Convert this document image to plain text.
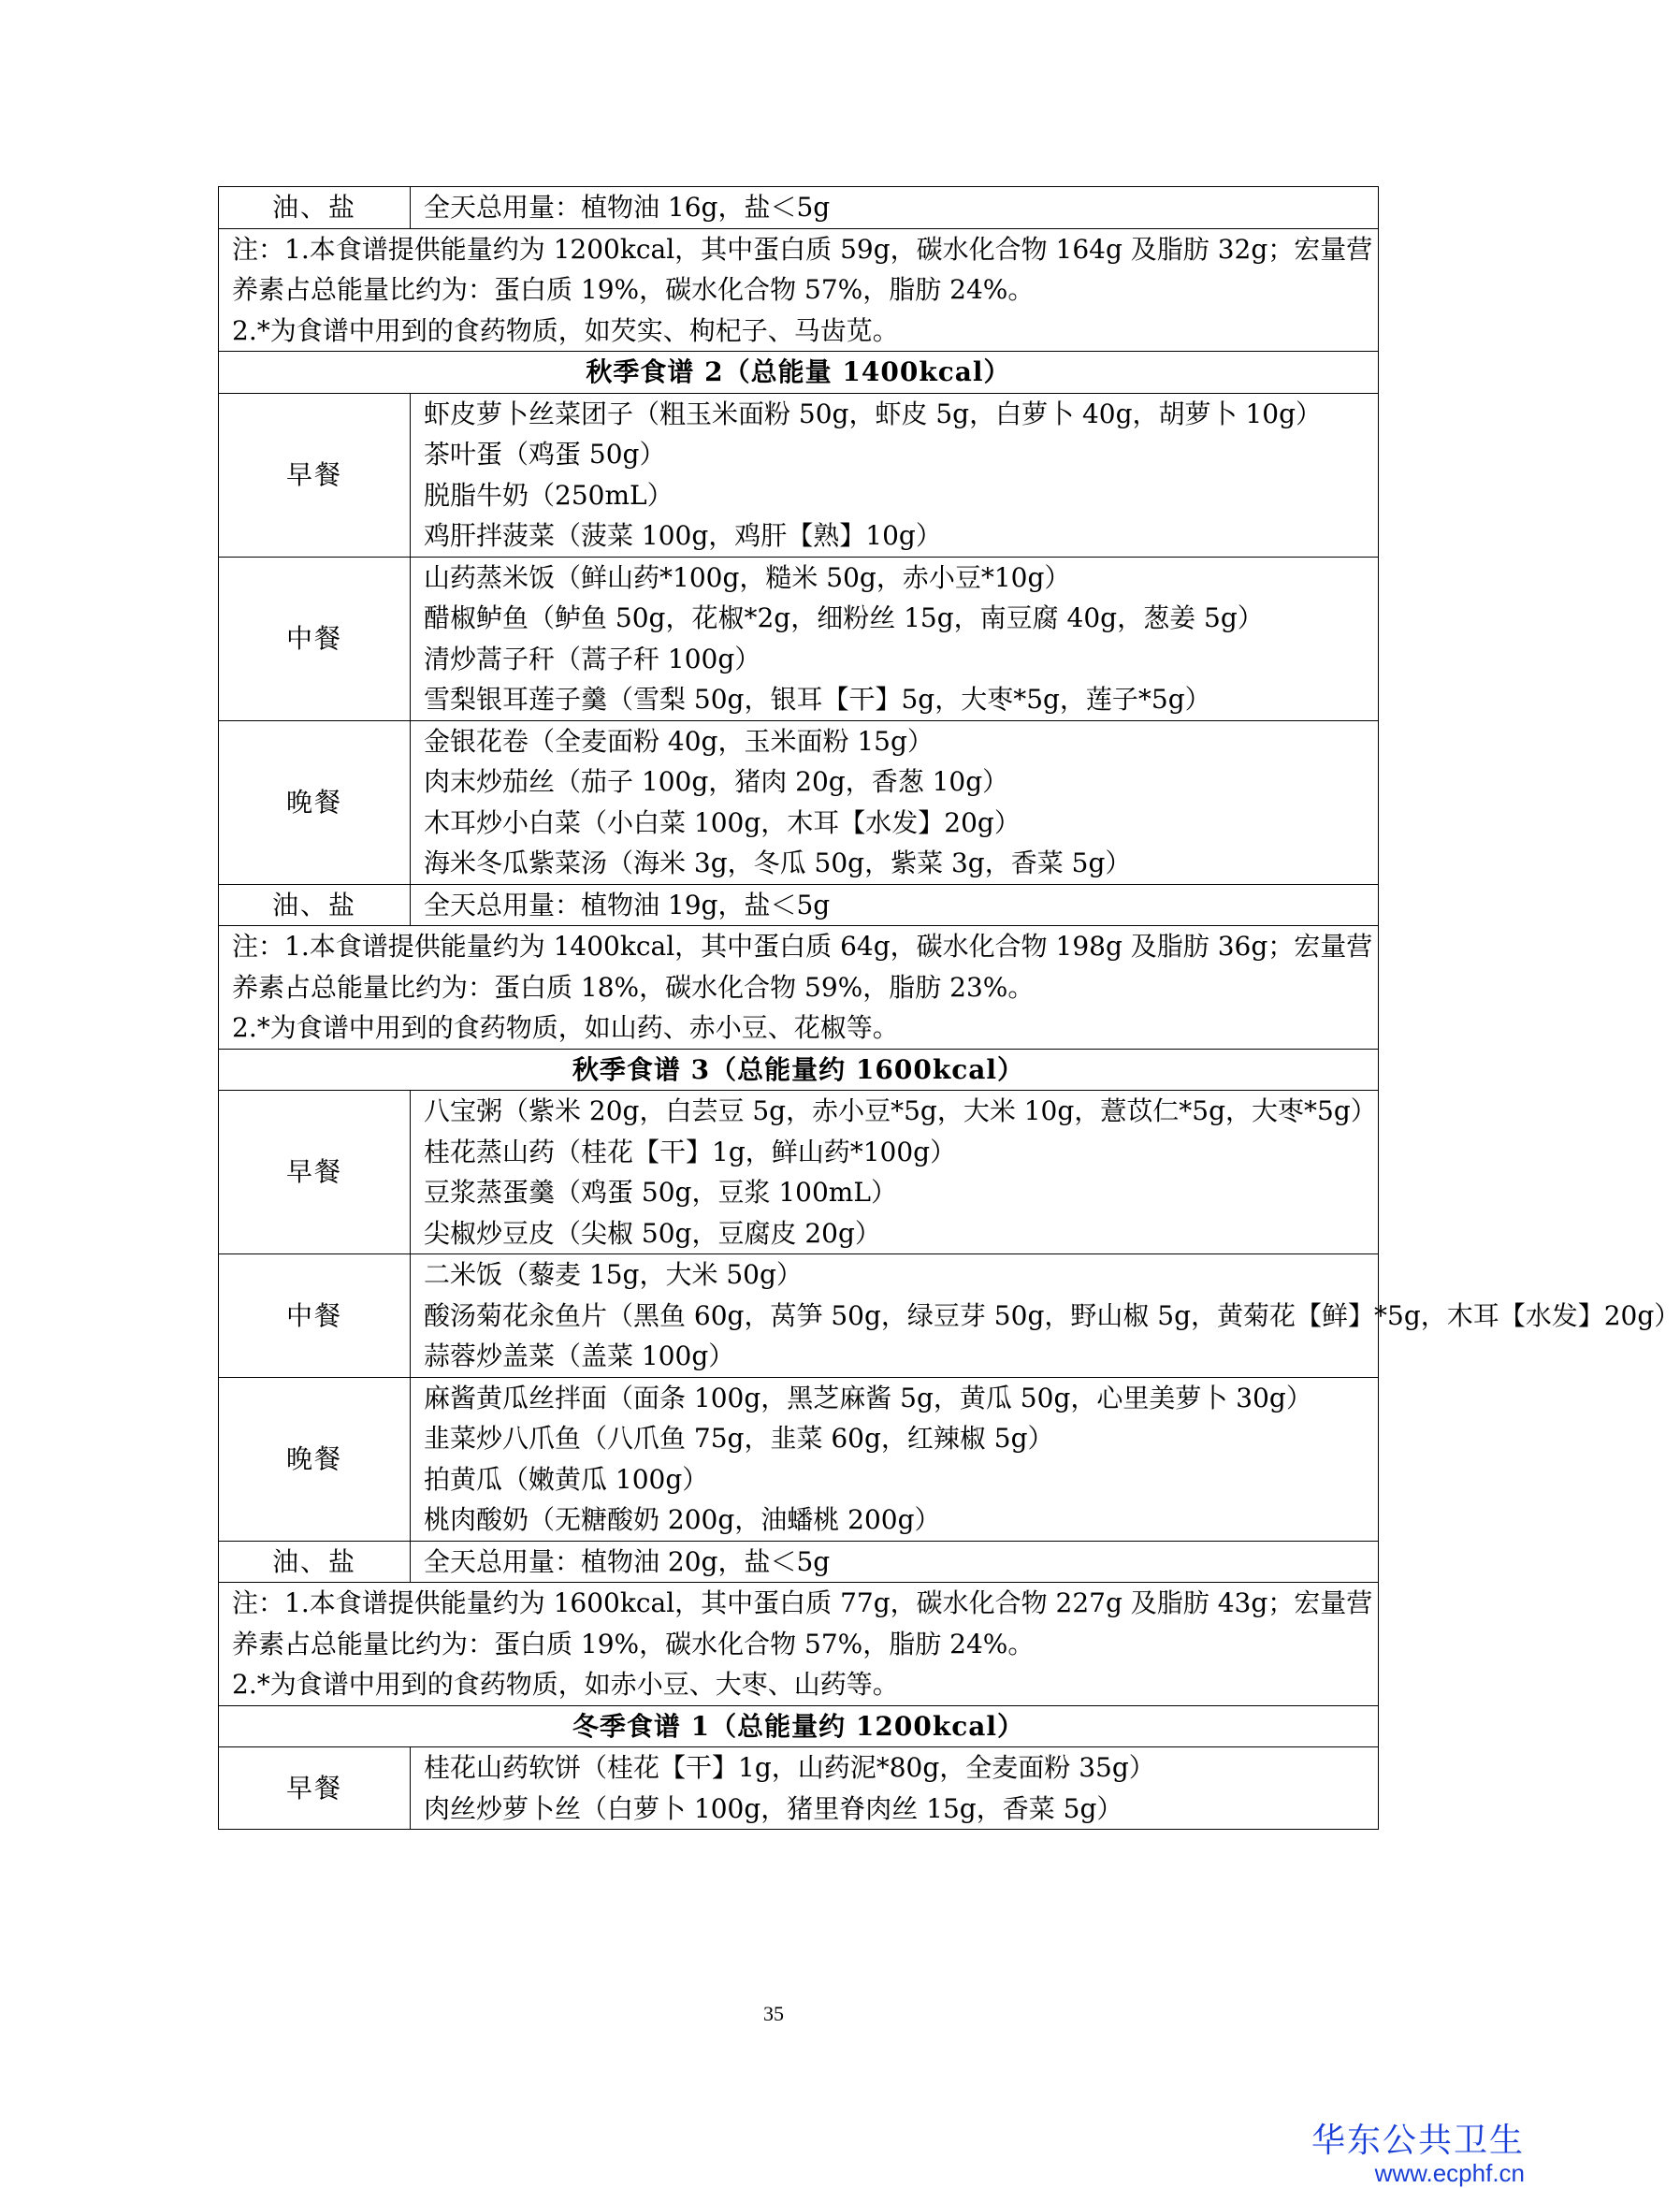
油、盐	全天总用量：植物油 16g，盐＜5g

注：1.本食谱提供能量约为 1200kcal，其中蛋白质 59g，碳水化合物 164g 及脂肪 32g；宏量营养素占总能量比约为：蛋白质 19%，碳水化合物 57%，脂肪 24%。
2.*为食谱中用到的食药物质，如芡实、枸杞子、马齿苋。	

秋季食谱 2（总能量 1400kcal）	
早餐	虾皮萝卜丝菜团子（粗玉米面粉 50g，虾皮 5g，白萝卜 40g，胡萝卜 10g）
茶叶蛋（鸡蛋 50g）
脱脂牛奶（250mL）
鸡肝拌菠菜（菠菜 100g，鸡肝【熟】10g）

中餐	山药蒸米饭（鲜山药*100g，糙米 50g，赤小豆*10g）
醋椒鲈鱼（鲈鱼 50g，花椒*2g，细粉丝 15g，南豆腐 40g，葱姜 5g）
清炒蒿子秆（蒿子秆 100g）
雪梨银耳莲子羹（雪梨 50g，银耳【干】5g，大枣*5g，莲子*5g）

晚餐	金银花卷（全麦面粉 40g，玉米面粉 15g）
肉末炒茄丝（茄子 100g，猪肉 20g，香葱 10g）
木耳炒小白菜（小白菜 100g，木耳【水发】20g）
海米冬瓜紫菜汤（海米 3g，冬瓜 50g，紫菜 3g，香菜 5g）

油、盐	全天总用量：植物油 19g，盐＜5g

注：1.本食谱提供能量约为 1400kcal，其中蛋白质 64g，碳水化合物 198g 及脂肪 36g；宏量营养素占总能量比约为：蛋白质 18%，碳水化合物 59%，脂肪 23%。
2.*为食谱中用到的食药物质，如山药、赤小豆、花椒等。	

秋季食谱 3（总能量约 1600kcal）	
早餐	八宝粥（紫米 20g，白芸豆 5g，赤小豆*5g，大米 10g，薏苡仁*5g，大枣*5g）
桂花蒸山药（桂花【干】1g，鲜山药*100g）
豆浆蒸蛋羹（鸡蛋 50g，豆浆 100mL）
尖椒炒豆皮（尖椒 50g，豆腐皮 20g）

中餐	二米饭（藜麦 15g，大米 50g）
酸汤菊花汆鱼片（黑鱼 60g，莴笋 50g，绿豆芽 50g，野山椒 5g，黄菊花【鲜】*5g，木耳【水发】20g）
蒜蓉炒盖菜（盖菜 100g）

晚餐	麻酱黄瓜丝拌面（面条 100g，黑芝麻酱 5g，黄瓜 50g，心里美萝卜 30g）
韭菜炒八爪鱼（八爪鱼 75g，韭菜 60g，红辣椒 5g）
拍黄瓜（嫩黄瓜 100g）
桃肉酸奶（无糖酸奶 200g，油蟠桃 200g）

油、盐	全天总用量：植物油 20g，盐＜5g

注：1.本食谱提供能量约为 1600kcal，其中蛋白质 77g，碳水化合物 227g 及脂肪 43g；宏量营养素占总能量比约为：蛋白质 19%，碳水化合物 57%，脂肪 24%。
2.*为食谱中用到的食药物质，如赤小豆、大枣、山药等。	

冬季食谱 1（总能量约 1200kcal）	
早餐	桂花山药软饼（桂花【干】1g，山药泥*80g，全麦面粉 35g）
肉丝炒萝卜丝（白萝卜 100g，猪里脊肉丝 15g，香菜 5g）
35
华东公共卫生
www.ecphf.cn
